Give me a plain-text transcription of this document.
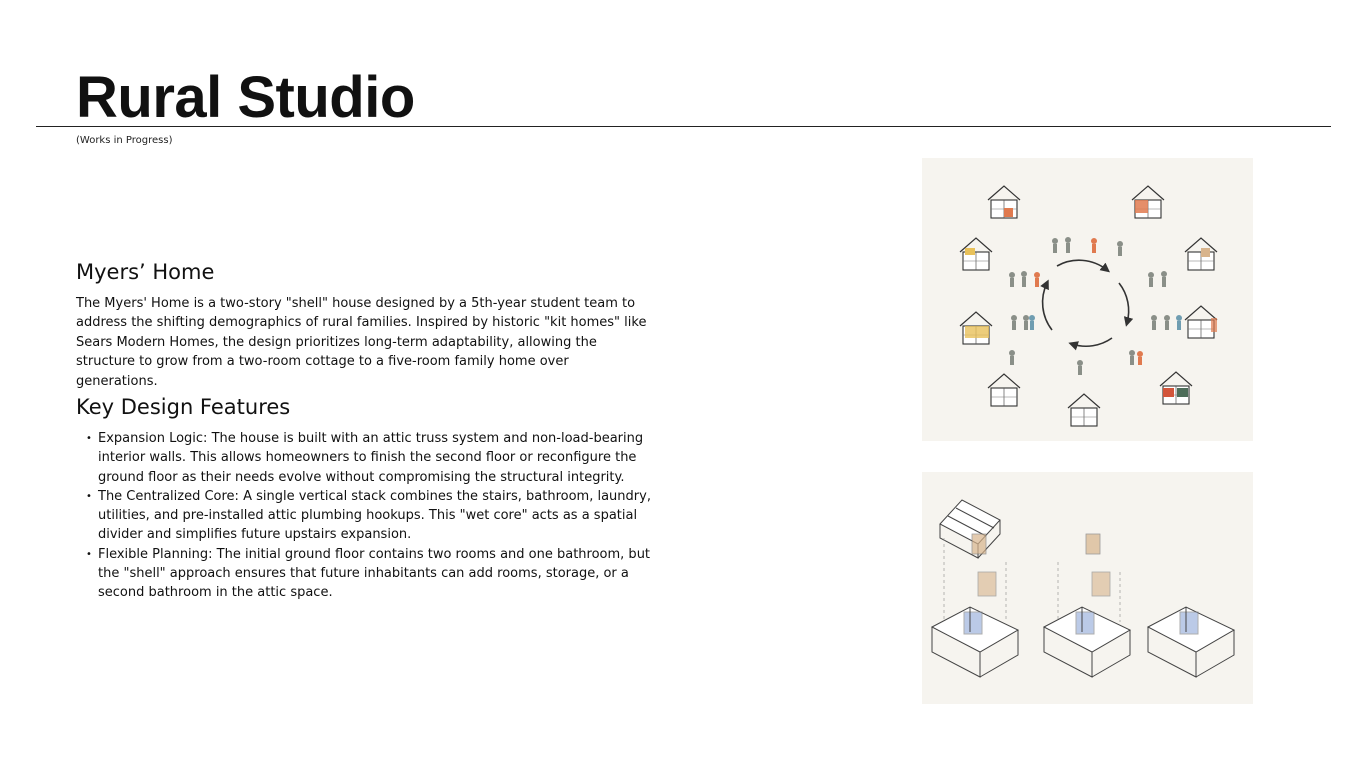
Rural Studio
(Works in Progress)
Myers’ Home

The Myers' Home is a two-story "shell" house designed by a 5th-year student team to address the shifting demographics of rural families. Inspired by historic "kit homes" like Sears Modern Homes, the design prioritizes long-term adaptability, allowing the structure to grow from a two-room cottage to a five-room family home over generations.

Key Design Features
• Expansion Logic: The house is built with an attic truss system and non-load-bearing interior walls. This allows homeowners to finish the second floor or reconfigure the ground floor as their needs evolve without compromising the structural integrity.
• The Centralized Core: A single vertical stack combines the stairs, bathroom, laundry, utilities, and pre-installed attic plumbing hookups. This "wet core" acts as a spatial divider and simplifies future upstairs expansion.
• Flexible Planning: The initial ground floor contains two rooms and one bathroom, but the "shell" approach ensures that future inhabitants can add rooms, storage, or a second bathroom in the attic space.
